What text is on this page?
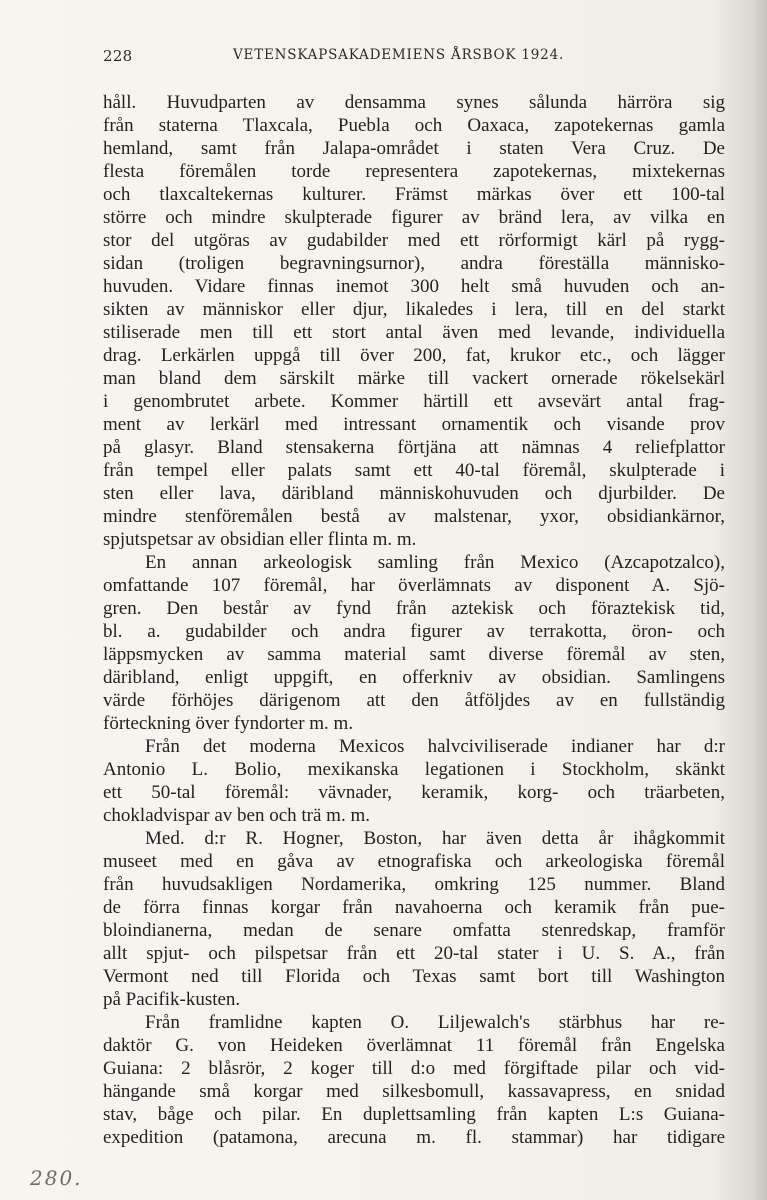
228	VETENSKAPSAKADEMIENS ÅRSBOK 1924.
håll. Huvudparten av densamma synes sålunda härröra sig
från staterna Tlaxcala, Puebla och Oaxaca, zapotekernas gamla
hemland, samt från Jalapa-området i staten Vera Cruz. De
flesta föremålen torde representera zapotekernas, mixtekernas
och tlaxcaltekernas kulturer. Främst märkas över ett 100-tal
större och mindre skulpterade figurer av bränd lera, av vilka en
stor del utgöras av gudabilder med ett rörformigt kärl på rygg-
sidan (troligen begravningsurnor), andra föreställa människo-
huvuden. Vidare finnas inemot 300 helt små huvuden och an-
sikten av människor eller djur, likaledes i lera, till en del starkt
stiliserade men till ett stort antal även med levande, individuella
drag. Lerkärlen uppgå till över 200, fat, krukor etc., och lägger
man bland dem särskilt märke till vackert ornerade rökelsekärl
i genombrutet arbete. Kommer härtill ett avsevärt antal frag-
ment av lerkärl med intressant ornamentik och visande prov
på glasyr. Bland stensakerna förtjäna att nämnas 4 reliefplattor
från tempel eller palats samt ett 40-tal föremål, skulpterade i
sten eller lava, däribland människohuvuden och djurbilder. De
mindre stenföremålen bestå av malstenar, yxor, obsidiankärnor,
spjutspetsar av obsidian eller flinta m. m.
En annan arkeologisk samling från Mexico (Azcapotzalco),
omfattande 107 föremål, har överlämnats av disponent A. Sjö-
gren. Den består av fynd från aztekisk och föraztekisk tid,
bl. a. gudabilder och andra figurer av terrakotta, öron- och
läppsmycken av samma material samt diverse föremål av sten,
däribland, enligt uppgift, en offerkniv av obsidian. Samlingens
värde förhöjes därigenom att den åtföljdes av en fullständig
förteckning över fyndorter m. m.
Från det moderna Mexicos halvciviliserade indianer har d:r
Antonio L. Bolio, mexikanska legationen i Stockholm, skänkt
ett 50-tal föremål: vävnader, keramik, korg- och träarbeten,
chokladvispar av ben och trä m. m.
Med. d:r R. Hogner, Boston, har även detta år ihågkommit
museet med en gåva av etnografiska och arkeologiska föremål
från huvudsakligen Nordamerika, omkring 125 nummer. Bland
de förra finnas korgar från navahoerna och keramik från pue-
bloindianerna, medan de senare omfatta stenredskap, framför
allt spjut- och pilspetsar från ett 20-tal stater i U. S. A., från
Vermont ned till Florida och Texas samt bort till Washington
på Pacifik-kusten.
Från framlidne kapten O. Liljewalch's stärbhus har re-
daktör G. von Heideken överlämnat 11 föremål från Engelska
Guiana: 2 blåsrör, 2 koger till d:o med förgiftade pilar och vid-
hängande små korgar med silkesbomull, kassavapress, en snidad
stav, båge och pilar. En duplettsamling från kapten L:s Guiana-
expedition (patamona, arecuna m. fl. stammar) har tidigare
280.
